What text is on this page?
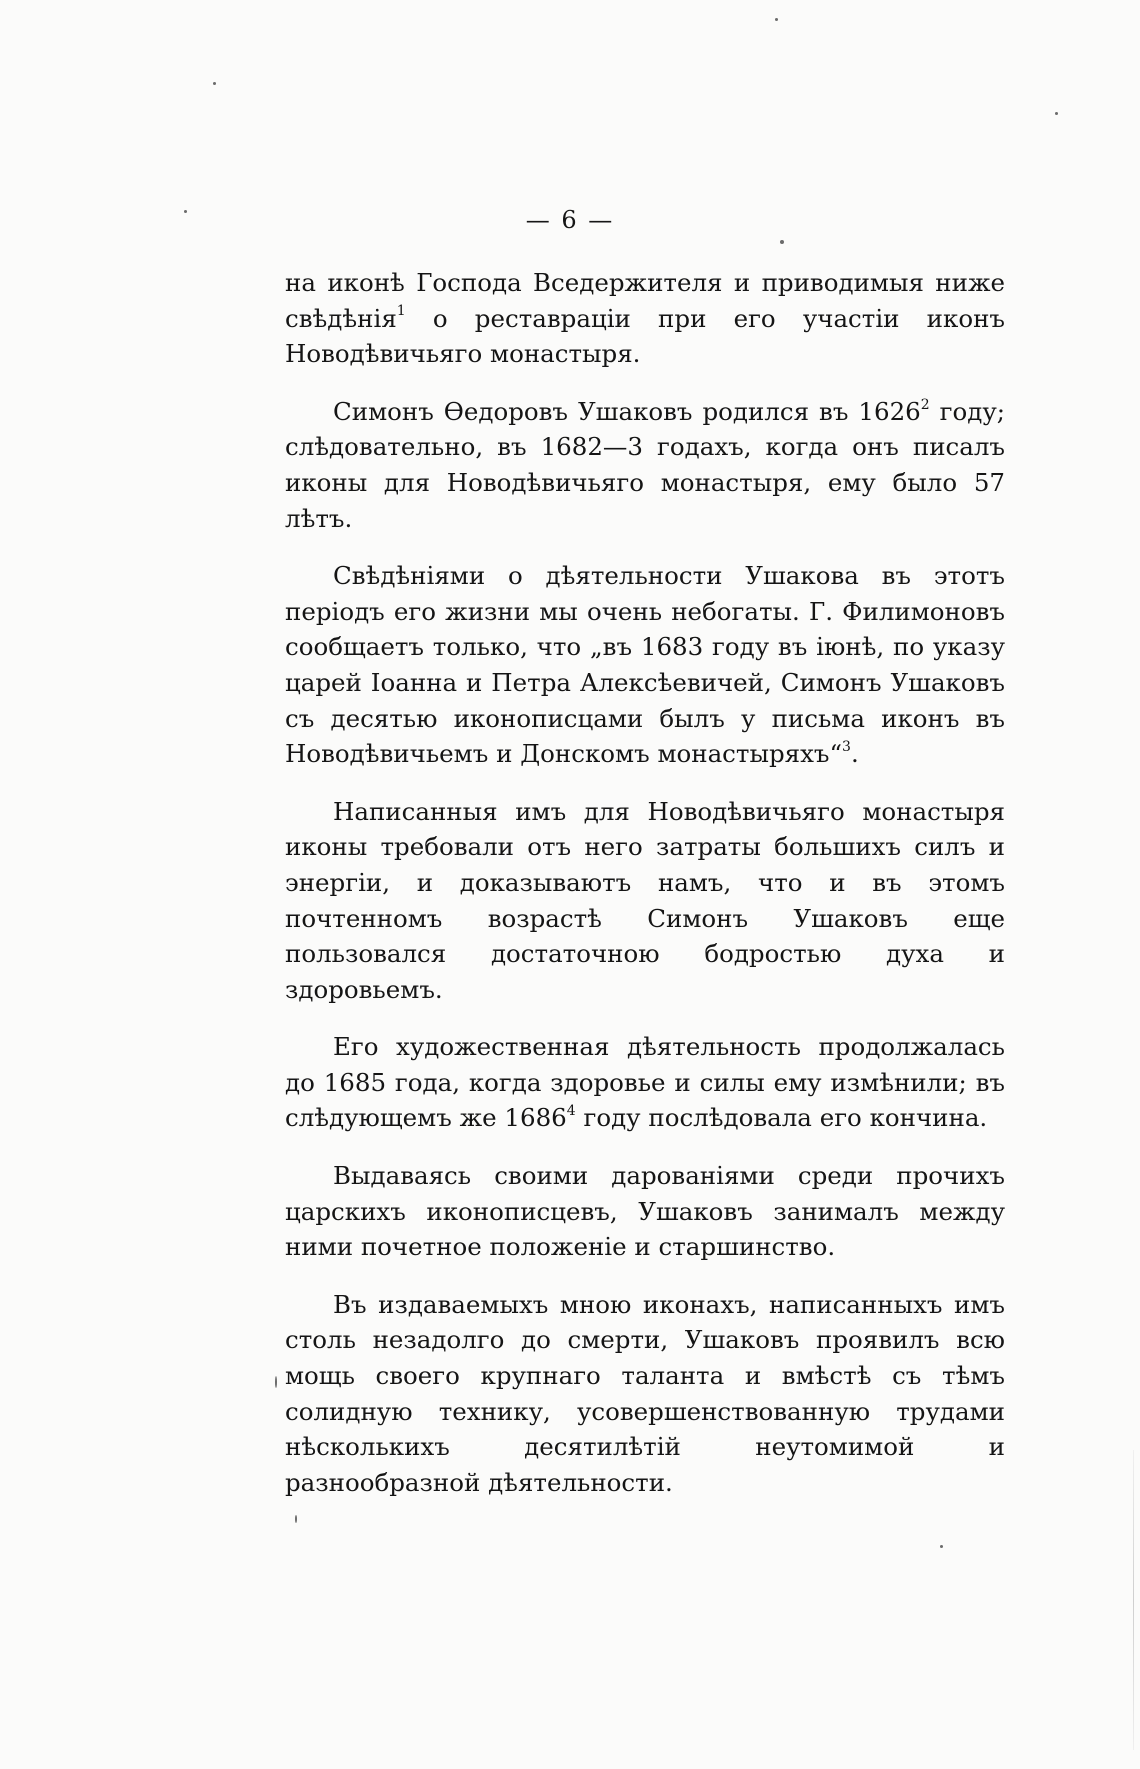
— 6 —

на иконѣ Господа Вседержителя и приводимыя ниже свѣдѣнія$^1$ о реставраціи при его участіи иконъ Новодѣвичьяго монастыря.

Симонъ Ѳедоровъ Ушаковъ родился въ 1626$^2$ году; слѣдовательно, въ 1682—3 годахъ, когда онъ писалъ иконы для Новодѣвичьяго монастыря, ему было 57 лѣтъ.

Свѣдѣніями о дѣятельности Ушакова въ этотъ періодъ его жизни мы очень небогаты. Г. Филимоновъ сообщаетъ только, что „въ 1683 году въ іюнѣ, по указу царей Іоанна и Петра Алексѣевичей, Симонъ Ушаковъ съ десятью иконописцами былъ у письма иконъ въ Новодѣвичьемъ и Донскомъ монастыряхъ“$^3$.

Написанныя имъ для Новодѣвичьяго монастыря иконы требовали отъ него затраты большихъ силъ и энергіи, и доказываютъ намъ, что и въ этомъ почтенномъ возрастѣ Симонъ Ушаковъ еще пользовался достаточною бодростью духа и здоровьемъ.

Его художественная дѣятельность продолжалась до 1685 года, когда здоровье и силы ему измѣнили; въ слѣдующемъ же 1686$^4$ году послѣдовала его кончина.

Выдаваясь своими дарованіями среди прочихъ царскихъ иконописцевъ, Ушаковъ занималъ между ними почетное положеніе и старшинство.

Въ издаваемыхъ мною иконахъ, написанныхъ имъ столь незадолго до смерти, Ушаковъ проявилъ всю мощь своего крупнаго таланта и вмѣстѣ съ тѣмъ солидную технику, усовершенствованную трудами нѣсколькихъ десятилѣтій неутомимой и разнообразной дѣятельности.
